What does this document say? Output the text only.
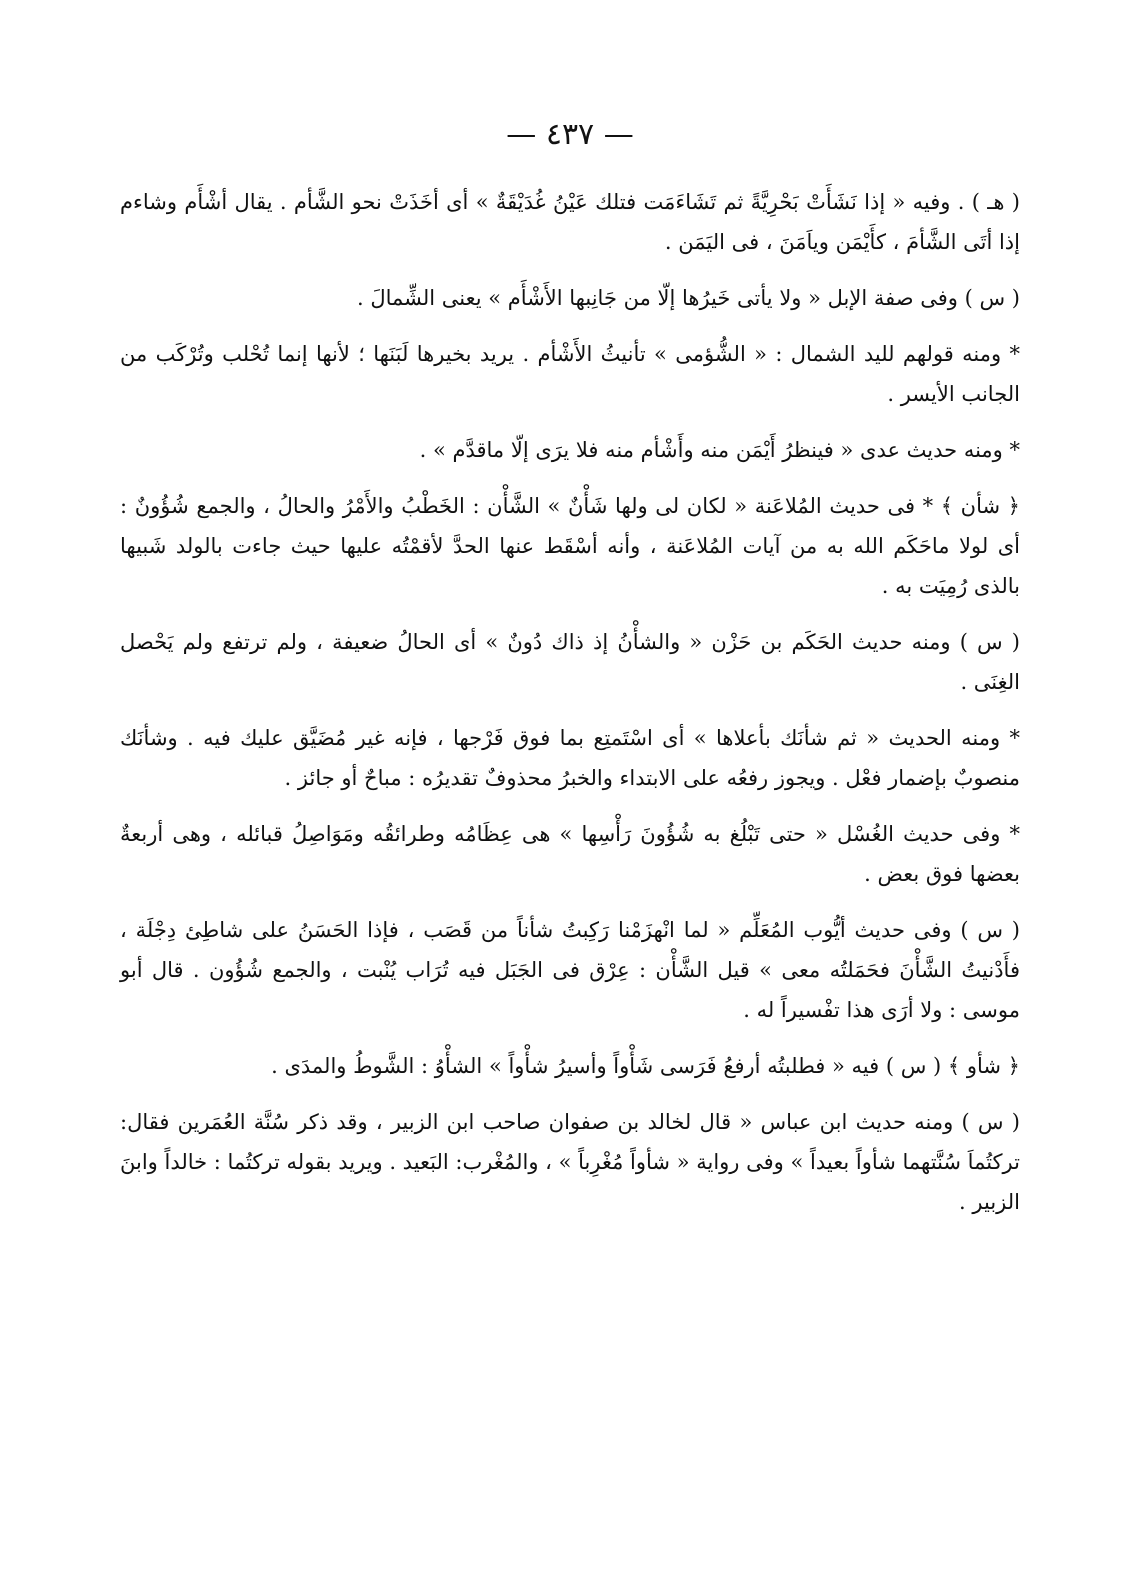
— ٤٣٧ —

( هـ ) . وفيه « إذا نَشَأَتْ بَحْرِيَّةً ثم تَشَاءَمَت فتلك عَيْنُ غُدَيْقَةٌ » أى أخَذَتْ نحو الشَّأم . يقال أشْأَم وشاءم إذا أتَى الشَّأمَ ، كأَيْمَن وياَمَنَ ، فى اليَمَن .

( س ) وفى صفة الإبل « ولا يأتى خَيرُها إلّا من جَانِبها الأَشْأَم » يعنى الشِّمالَ .

* ومنه قولهم لليد الشمال : « الشُّؤمى » تأنيثُ الأَشْأم . يريد بخيرها لَبَنَها ؛ لأنها إنما تُحْلب وتُرْكَب من الجانب الأيسر .

* ومنه حديث عدى « فينظرُ أَيْمَن منه وأَشْأم منه فلا يرَى إلّا ماقدَّم » .

﴿ شأن ﴾ * فى حديث المُلاعَنة « لكان لى ولها شَأْنٌ » الشَّأْن : الخَطْبُ والأَمْرُ والحالُ ، والجمع شُؤُونٌ : أى لولا ماحَكَم الله به من آيات المُلاعَنة ، وأنه أسْقَط عنها الحدَّ لأقمْتُه عليها حيث جاءت بالولد شَبيها بالذى رُمِيَت به .

( س ) ومنه حديث الحَكَم بن حَزْن « والشأْنُ إذ ذاك دُونٌ » أى الحالُ ضعيفة ، ولم ترتفع ولم يَحْصل الغِنَى .

* ومنه الحديث « ثم شأنَك بأعلاها » أى اسْتَمتِع بما فوق فَرْجها ، فإنه غير مُضَيَّق عليك فيه . وشأنَك منصوبٌ بإضمار فعْل . ويجوز رفعُه على الابتداء والخبرُ محذوفٌ تقديرُه : مباحٌ أو جائز .

* وفى حديث الغُسْل « حتى تَبْلُغ به شُؤُونَ رَأْسِها » هى عِظَامُه وطرائقُه ومَوَاصِلُ قبائله ، وهى أربعةٌ بعضها فوق بعض .

( س ) وفى حديث أيُّوب المُعَلِّم « لما انْهزَمْنا رَكِبتُ شأناً من قَصَب ، فإذا الحَسَنُ على شاطِئ دِجْلَة ، فأَدْنيتُ الشَّأْنَ فحَمَلتُه معى » قيل الشَّأْن : عِرْق فى الجَبَل فيه تُرَاب يُنْبت ، والجمع شُؤُون . قال أبو موسى : ولا أرَى هذا تفْسيراً له .

﴿ شأو ﴾ ( س ) فيه « فطلبتُه أرفعُ فَرَسى شَأْواً وأسيرُ شأْواً » الشأْوُ : الشَّوطُ والمدَى .

( س ) ومنه حديث ابن عباس « قال لخالد بن صفوان صاحب ابن الزبير ، وقد ذكر سُنَّة العُمَرين فقال: تركتُماَ سُنَّتهما شأواً بعيداً » وفى رواية « شأواً مُغْرِباً » ، والمُغْرب: البَعيد . ويريد بقوله تركتُما : خالداً وابنَ الزبير .
